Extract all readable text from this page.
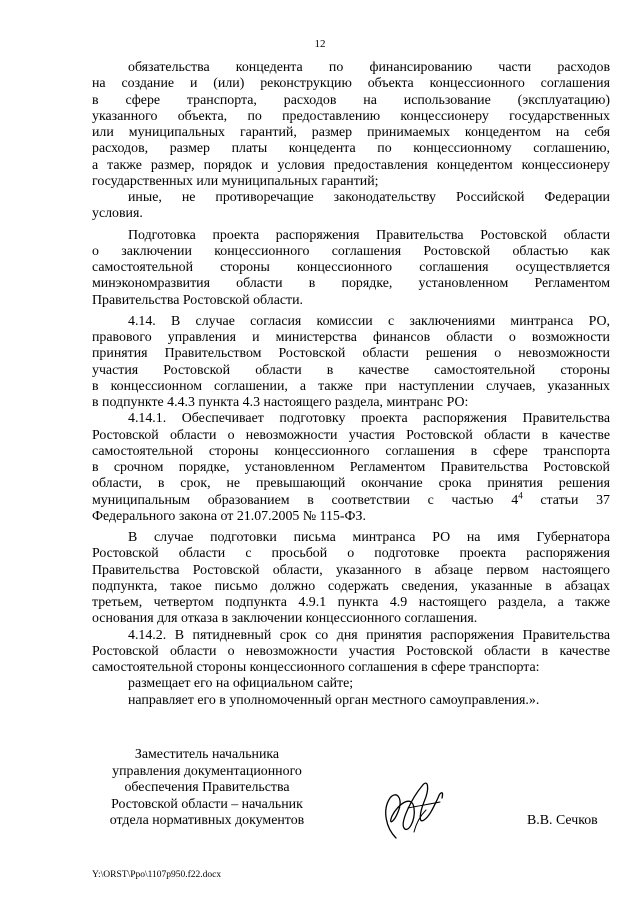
12
обязательства концедента по финансированию части расходов
на создание и (или) реконструкцию объекта концессионного соглашения
в сфере транспорта, расходов на использование (эксплуатацию)
указанного объекта, по предоставлению концессионеру государственных
или муниципальных гарантий, размер принимаемых концедентом на себя
расходов, размер платы концедента по концессионному соглашению,
а также размер, порядок и условия предоставления концедентом концессионеру
государственных или муниципальных гарантий;
иные, не противоречащие законодательству Российской Федерации
условия.
Подготовка проекта распоряжения Правительства Ростовской области
о заключении концессионного соглашения Ростовской областью как
самостоятельной стороны концессионного соглашения осуществляется
минэкономразвития области в порядке, установленном Регламентом
Правительства Ростовской области.
4.14. В случае согласия комиссии с заключениями минтранса РО,
правового управления и министерства финансов области о возможности
принятия Правительством Ростовской области решения о невозможности
участия Ростовской области в качестве самостоятельной стороны
в концессионном соглашении, а также при наступлении случаев, указанных
в подпункте 4.4.3 пункта 4.3 настоящего раздела, минтранс РО:
4.14.1. Обеспечивает подготовку проекта распоряжения Правительства
Ростовской области о невозможности участия Ростовской области в качестве
самостоятельной стороны концессионного соглашения в сфере транспорта
в срочном порядке, установленном Регламентом Правительства Ростовской
области, в срок, не превышающий окончание срока принятия решения
муниципальным образованием в соответствии с частью $4^4$ статьи 37
Федерального закона от 21.07.2005 № 115-ФЗ.
В случае подготовки письма минтранса РО на имя Губернатора
Ростовской области с просьбой о подготовке проекта распоряжения
Правительства Ростовской области, указанного в абзаце первом настоящего
подпункта, такое письмо должно содержать сведения, указанные в абзацах
третьем, четвертом подпункта 4.9.1 пункта 4.9 настоящего раздела, а также
основания для отказа в заключении концессионного соглашения.
4.14.2. В пятидневный срок со дня принятия распоряжения Правительства
Ростовской области о невозможности участия Ростовской области в качестве
самостоятельной стороны концессионного соглашения в сфере транспорта:
размещает его на официальном сайте;
направляет его в уполномоченный орган местного самоуправления.».
Заместитель начальника
управления документационного
обеспечения Правительства
Ростовской области – начальник
отдела нормативных документов	В.В. Сечков
Y:\ORST\Ppo\1107p950.f22.docx
